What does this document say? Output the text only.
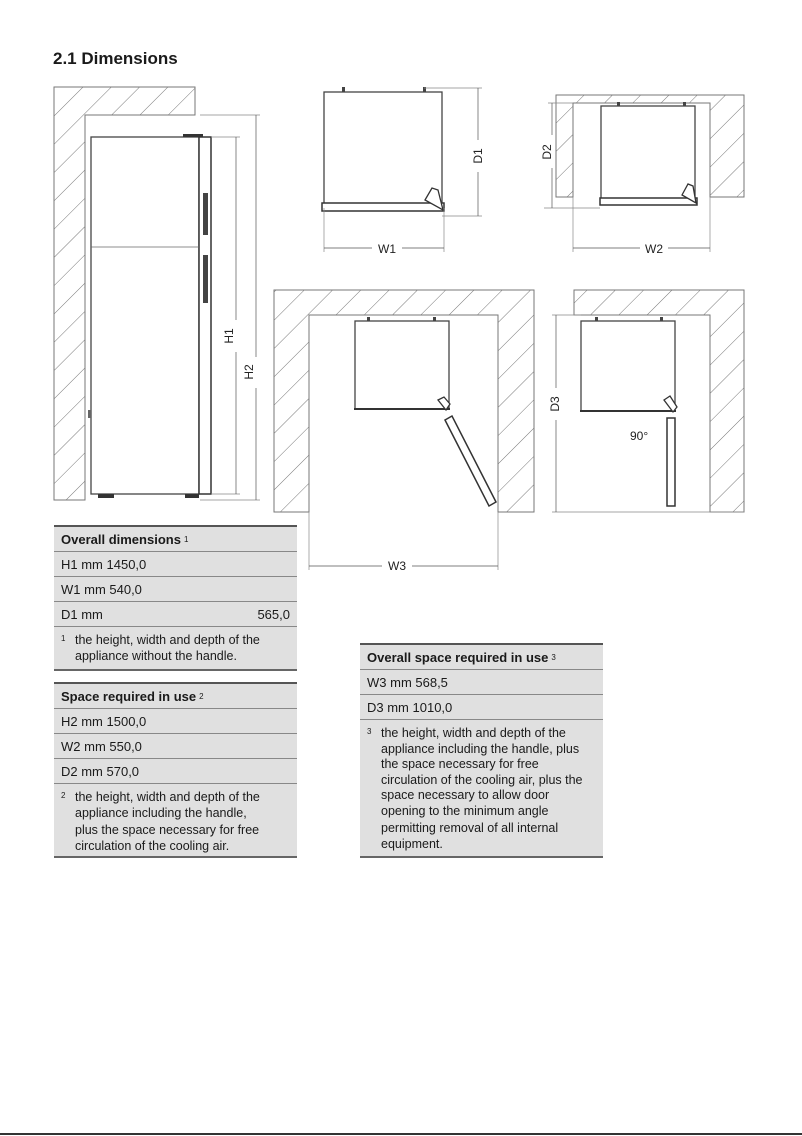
2.1 Dimensions
H1
H2
D1
W1
D2
W2
W3
90°
D3
Overall dimensions 1
H1 mm 1450,0
W1 mm 540,0
D1 mm	565,0
1 the height, width and depth of the appliance without the handle.
Space required in use 2
H2 mm 1500,0
W2 mm 550,0
D2 mm 570,0
2 the height, width and depth of the appliance including the handle,
plus the space necessary for free circulation of the cooling air.
Overall space required in use 3
W3 mm 568,5
D3 mm 1010,0
3 the height, width and depth of the appliance including the handle, plus the space necessary for free circulation of the cooling air, plus the space necessary to allow door opening to the minimum angle
permitting removal of all internal equipment.
